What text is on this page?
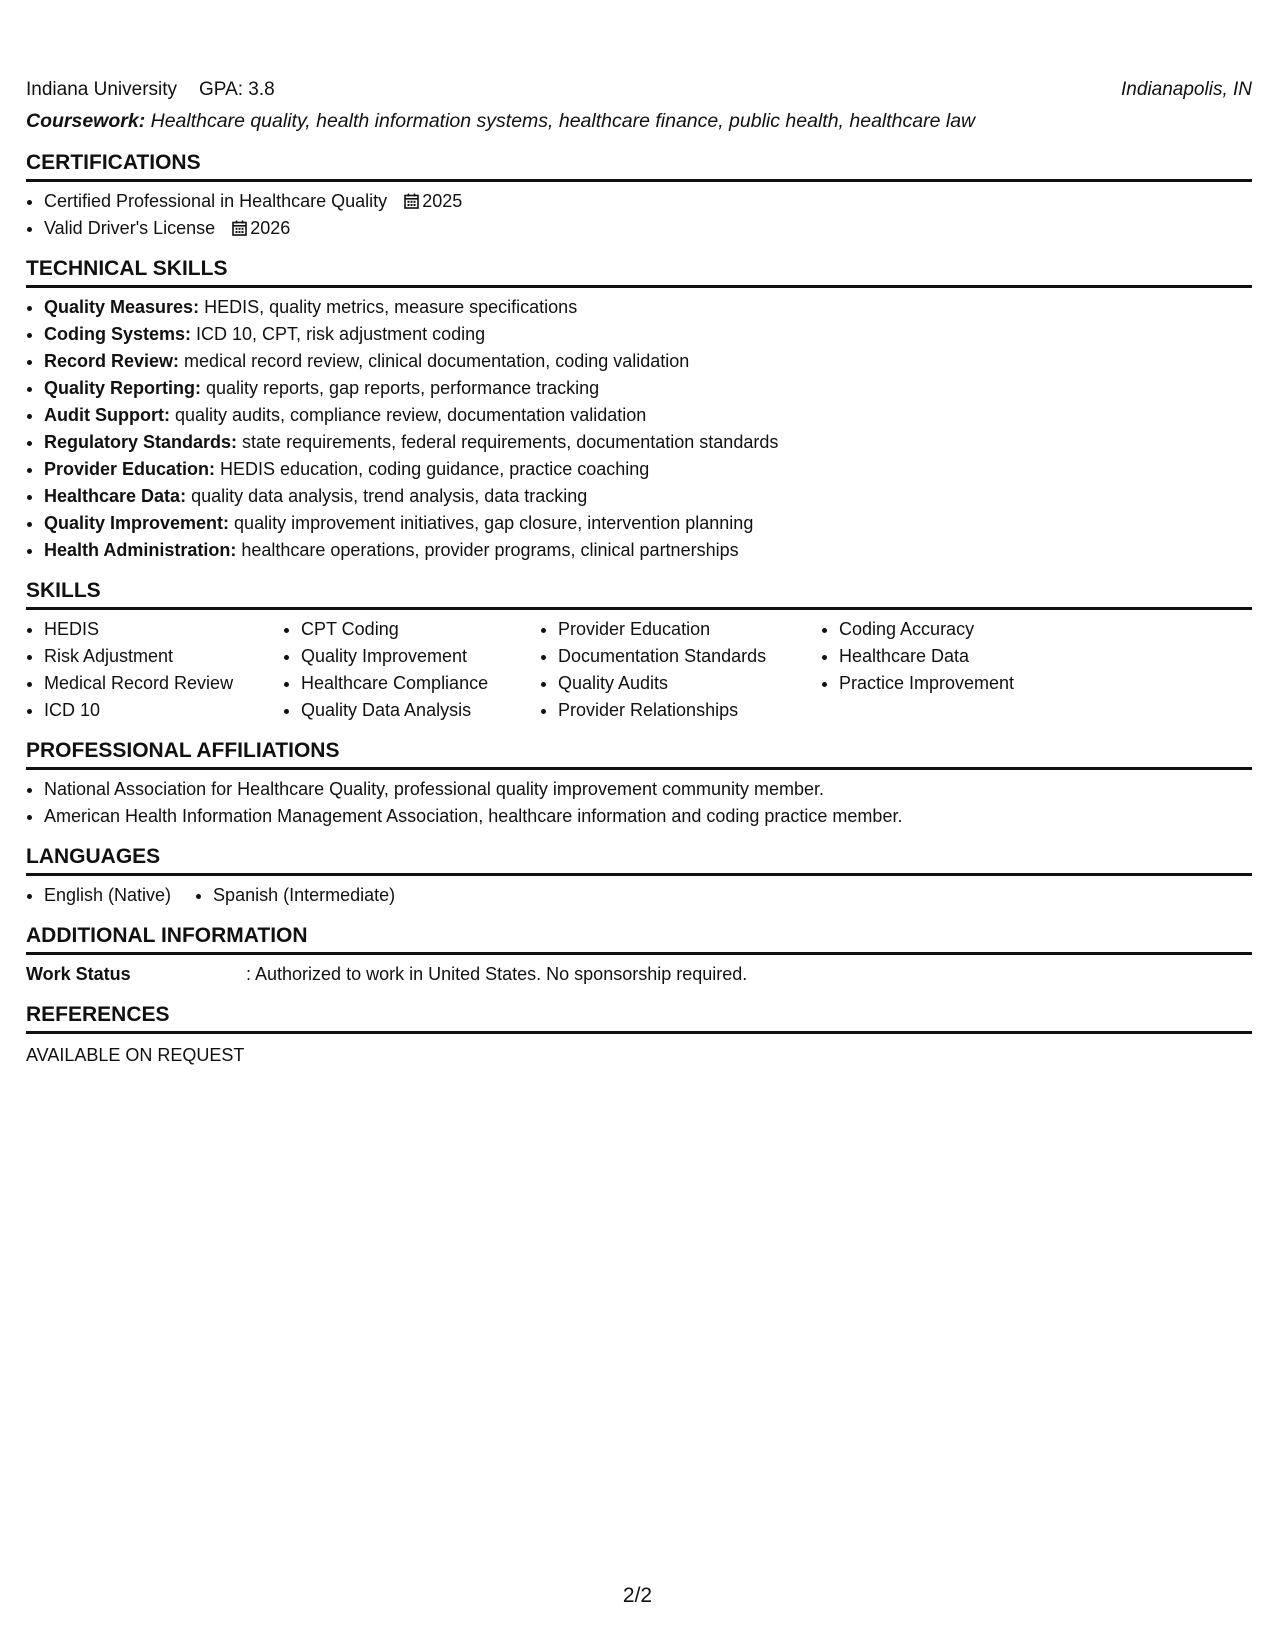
Indiana University GPA: 3.8	Indianapolis, IN
Coursework: Healthcare quality, health information systems, healthcare finance, public health, healthcare law
CERTIFICATIONS
• Certified Professional in Healthcare Quality 2025
• Valid Driver's License 2026
TECHNICAL SKILLS
• Quality Measures: HEDIS, quality metrics, measure specifications
• Coding Systems: ICD 10, CPT, risk adjustment coding
• Record Review: medical record review, clinical documentation, coding validation
• Quality Reporting: quality reports, gap reports, performance tracking
• Audit Support: quality audits, compliance review, documentation validation
• Regulatory Standards: state requirements, federal requirements, documentation standards
• Provider Education: HEDIS education, coding guidance, practice coaching
• Healthcare Data: quality data analysis, trend analysis, data tracking
• Quality Improvement: quality improvement initiatives, gap closure, intervention planning
• Health Administration: healthcare operations, provider programs, clinical partnerships
SKILLS
• HEDIS
• Risk Adjustment
• Medical Record Review
• ICD 10
• CPT Coding
• Quality Improvement
• Healthcare Compliance
• Quality Data Analysis
• Provider Education
• Documentation Standards
• Quality Audits
• Provider Relationships
• Coding Accuracy
• Healthcare Data
• Practice Improvement
PROFESSIONAL AFFILIATIONS
• National Association for Healthcare Quality, professional quality improvement community member.
• American Health Information Management Association, healthcare information and coding practice member.
LANGUAGES
• English (Native)
• Spanish (Intermediate)
ADDITIONAL INFORMATION
Work Status	: Authorized to work in United States. No sponsorship required.
REFERENCES
AVAILABLE ON REQUEST
2/2
